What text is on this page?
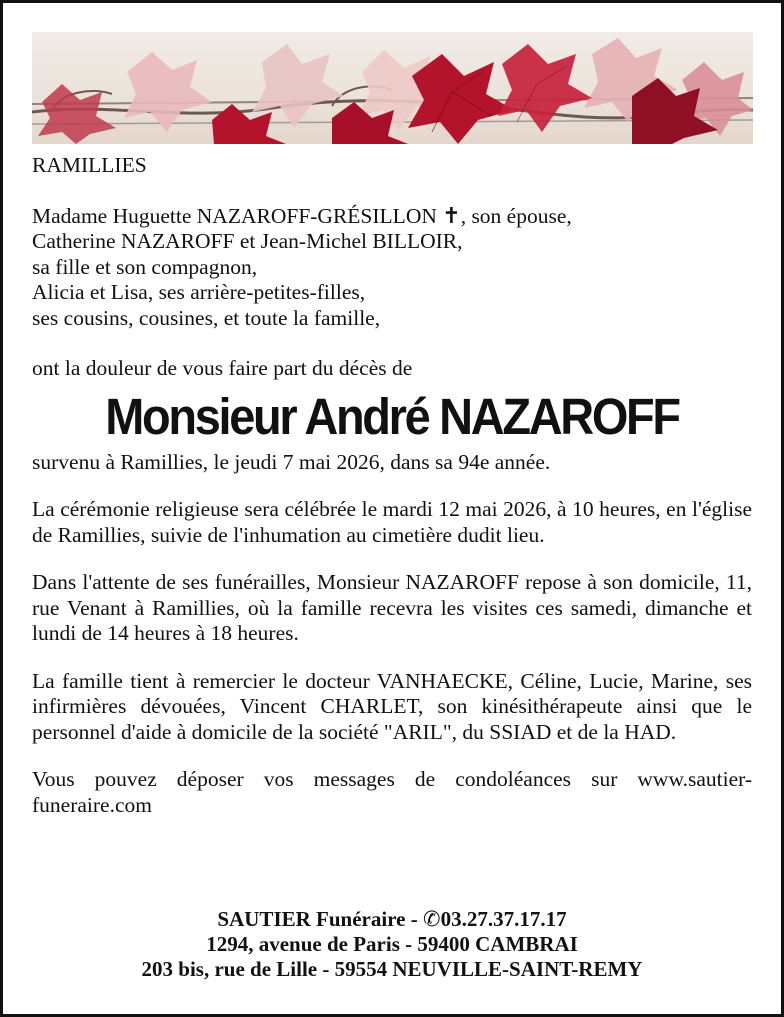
RAMILLIES

Madame Huguette NAZAROFF-GRÉSILLON ✝, son épouse,
Catherine NAZAROFF et Jean-Michel BILLOIR,
sa fille et son compagnon,
Alicia et Lisa, ses arrière-petites-filles,
ses cousins, cousines, et toute la famille,

ont la douleur de vous faire part du décès de

Monsieur André NAZAROFF

survenu à Ramillies, le jeudi 7 mai 2026, dans sa 94e année.

La cérémonie religieuse sera célébrée le mardi 12 mai 2026, à 10 heures, en l'église de Ramillies, suivie de l'inhumation au cimetière dudit lieu.

Dans l'attente de ses funérailles, Monsieur NAZAROFF repose à son domicile, 11, rue Venant à Ramillies, où la famille recevra les visites ces samedi, dimanche et lundi de 14 heures à 18 heures.

La famille tient à remercier le docteur VANHAECKE, Céline, Lucie, Marine, ses infirmières dévouées, Vincent CHARLET, son kinésithérapeute ainsi que le personnel d'aide à domicile de la société "ARIL", du SSIAD et de la HAD.

Vous pouvez déposer vos messages de condoléances sur www.sautier-funeraire.com

SAUTIER Funéraire - ✆03.27.37.17.17
1294, avenue de Paris - 59400 CAMBRAI
203 bis, rue de Lille - 59554 NEUVILLE-SAINT-REMY
